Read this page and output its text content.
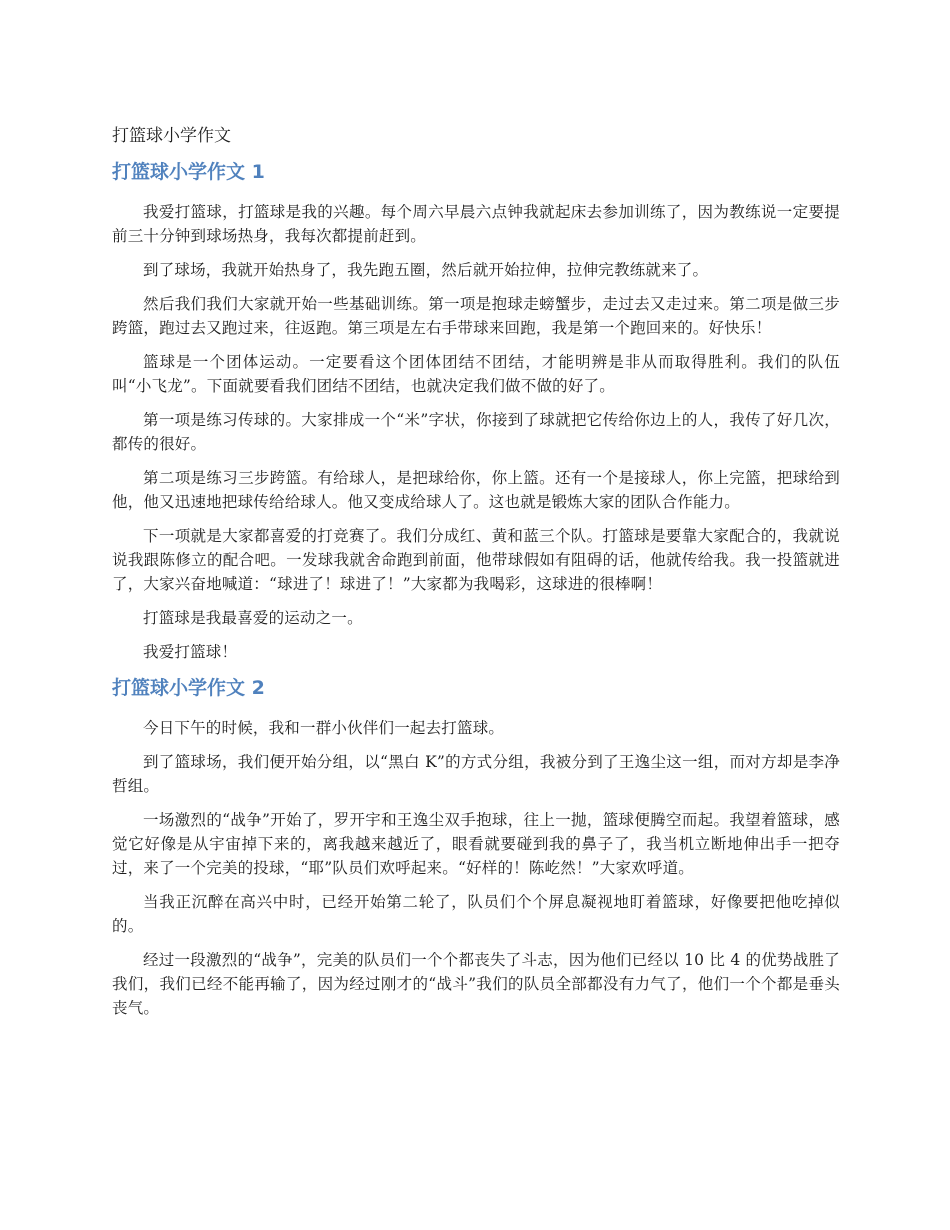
打篮球小学作文
打篮球小学作文 1

我爱打篮球，打篮球是我的兴趣。每个周六早晨六点钟我就起床去参加训练了，因为教练说一定要提前三十分钟到球场热身，我每次都提前赶到。

到了球场，我就开始热身了，我先跑五圈，然后就开始拉伸，拉伸完教练就来了。

然后我们我们大家就开始一些基础训练。第一项是抱球走螃蟹步，走过去又走过来。第二项是做三步跨篮，跑过去又跑过来，往返跑。第三项是左右手带球来回跑，我是第一个跑回来的。好快乐！

篮球是一个团体运动。一定要看这个团体团结不团结，才能明辨是非从而取得胜利。我们的队伍叫“小飞龙”。下面就要看我们团结不团结，也就决定我们做不做的好了。

第一项是练习传球的。大家排成一个“米”字状，你接到了球就把它传给你边上的人，我传了好几次，都传的很好。

第二项是练习三步跨篮。有给球人，是把球给你，你上篮。还有一个是接球人，你上完篮，把球给到他，他又迅速地把球传给给球人。他又变成给球人了。这也就是锻炼大家的团队合作能力。

下一项就是大家都喜爱的打竞赛了。我们分成红、黄和蓝三个队。打篮球是要靠大家配合的，我就说说我跟陈修立的配合吧。一发球我就舍命跑到前面，他带球假如有阻碍的话，他就传给我。我一投篮就进了，大家兴奋地喊道：“球进了！球进了！”大家都为我喝彩，这球进的很棒啊！

打篮球是我最喜爱的运动之一。

我爱打篮球！

打篮球小学作文 2

今日下午的时候，我和一群小伙伴们一起去打篮球。

到了篮球场，我们便开始分组，以“黑白 K”的方式分组，我被分到了王逸尘这一组，而对方却是李净哲组。

一场激烈的“战争”开始了，罗开宇和王逸尘双手抱球，往上一抛，篮球便腾空而起。我望着篮球，感觉它好像是从宇宙掉下来的，离我越来越近了，眼看就要碰到我的鼻子了，我当机立断地伸出手一把夺过，来了一个完美的投球，“耶”队员们欢呼起来。“好样的！陈屹然！”大家欢呼道。

当我正沉醉在高兴中时，已经开始第二轮了，队员们个个屏息凝视地盯着篮球，好像要把他吃掉似的。

经过一段激烈的“战争”，完美的队员们一个个都丧失了斗志，因为他们已经以 10 比 4 的优势战胜了我们，我们已经不能再输了，因为经过刚才的“战斗”我们的队员全部都没有力气了，他们一个个都是垂头丧气。
